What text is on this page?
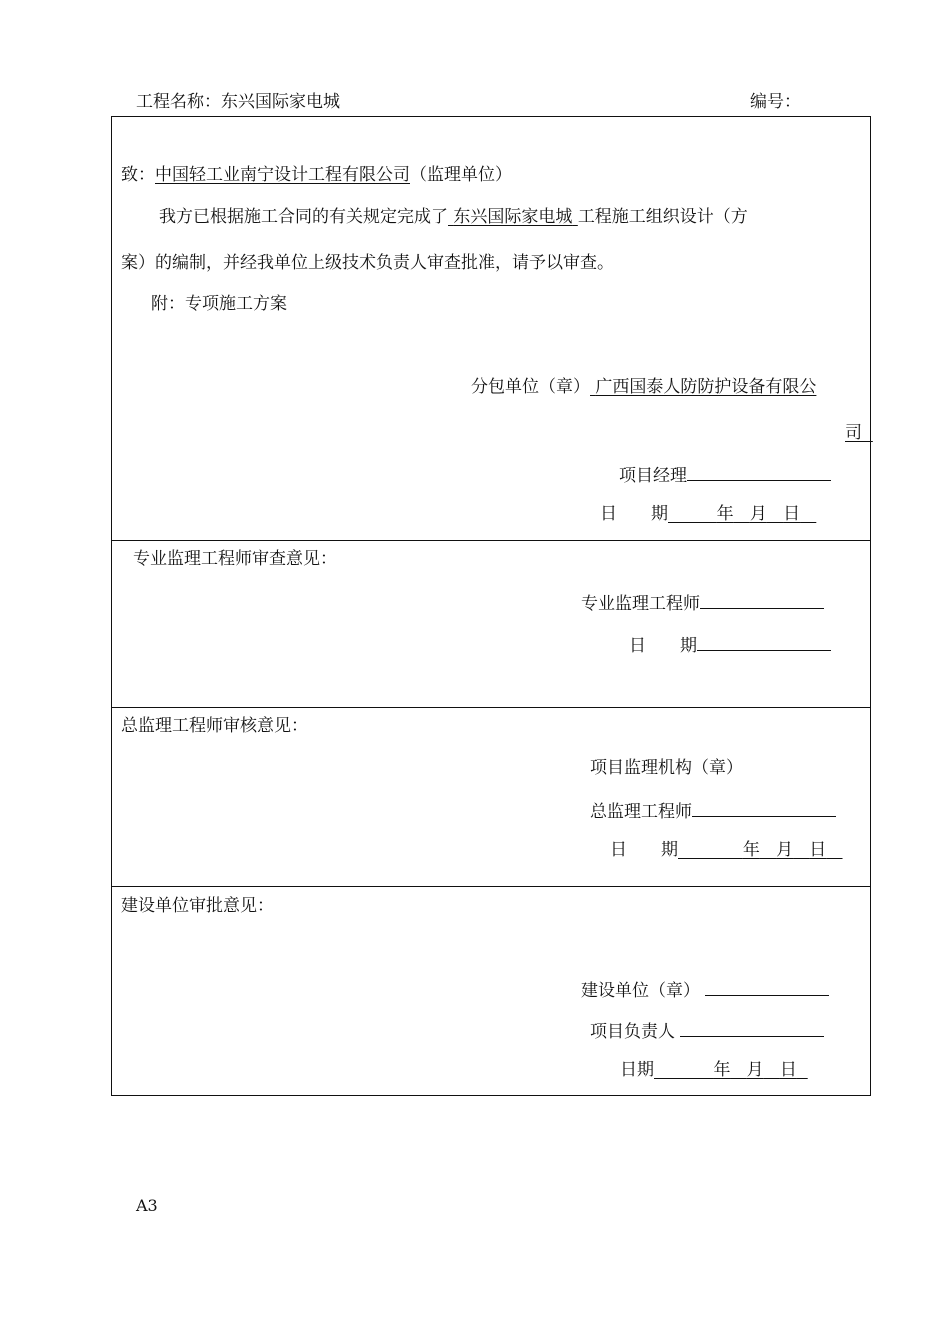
工程名称：东兴国际家电城	编号：
致：中国轻工业南宁设计工程有限公司（监理单位）
我方已根据施工合同的有关规定完成了 东兴国际家电城 工程施工组织设计（方
案）的编制，并经我单位上级技术负责人审查批准，请予以审查。
附：专项施工方案
分包单位（章） 广西国泰人防防护设备有限公
司
项目经理
日 期	年 月 日
专业监理工程师审查意见：
专业监理工程师
日 期
总监理工程师审核意见：
项目监理机构（章）
总监理工程师
日 期	年 月 日
建设单位审批意见：
建设单位（章）
项目负责人
日期	年 月 日
A3
